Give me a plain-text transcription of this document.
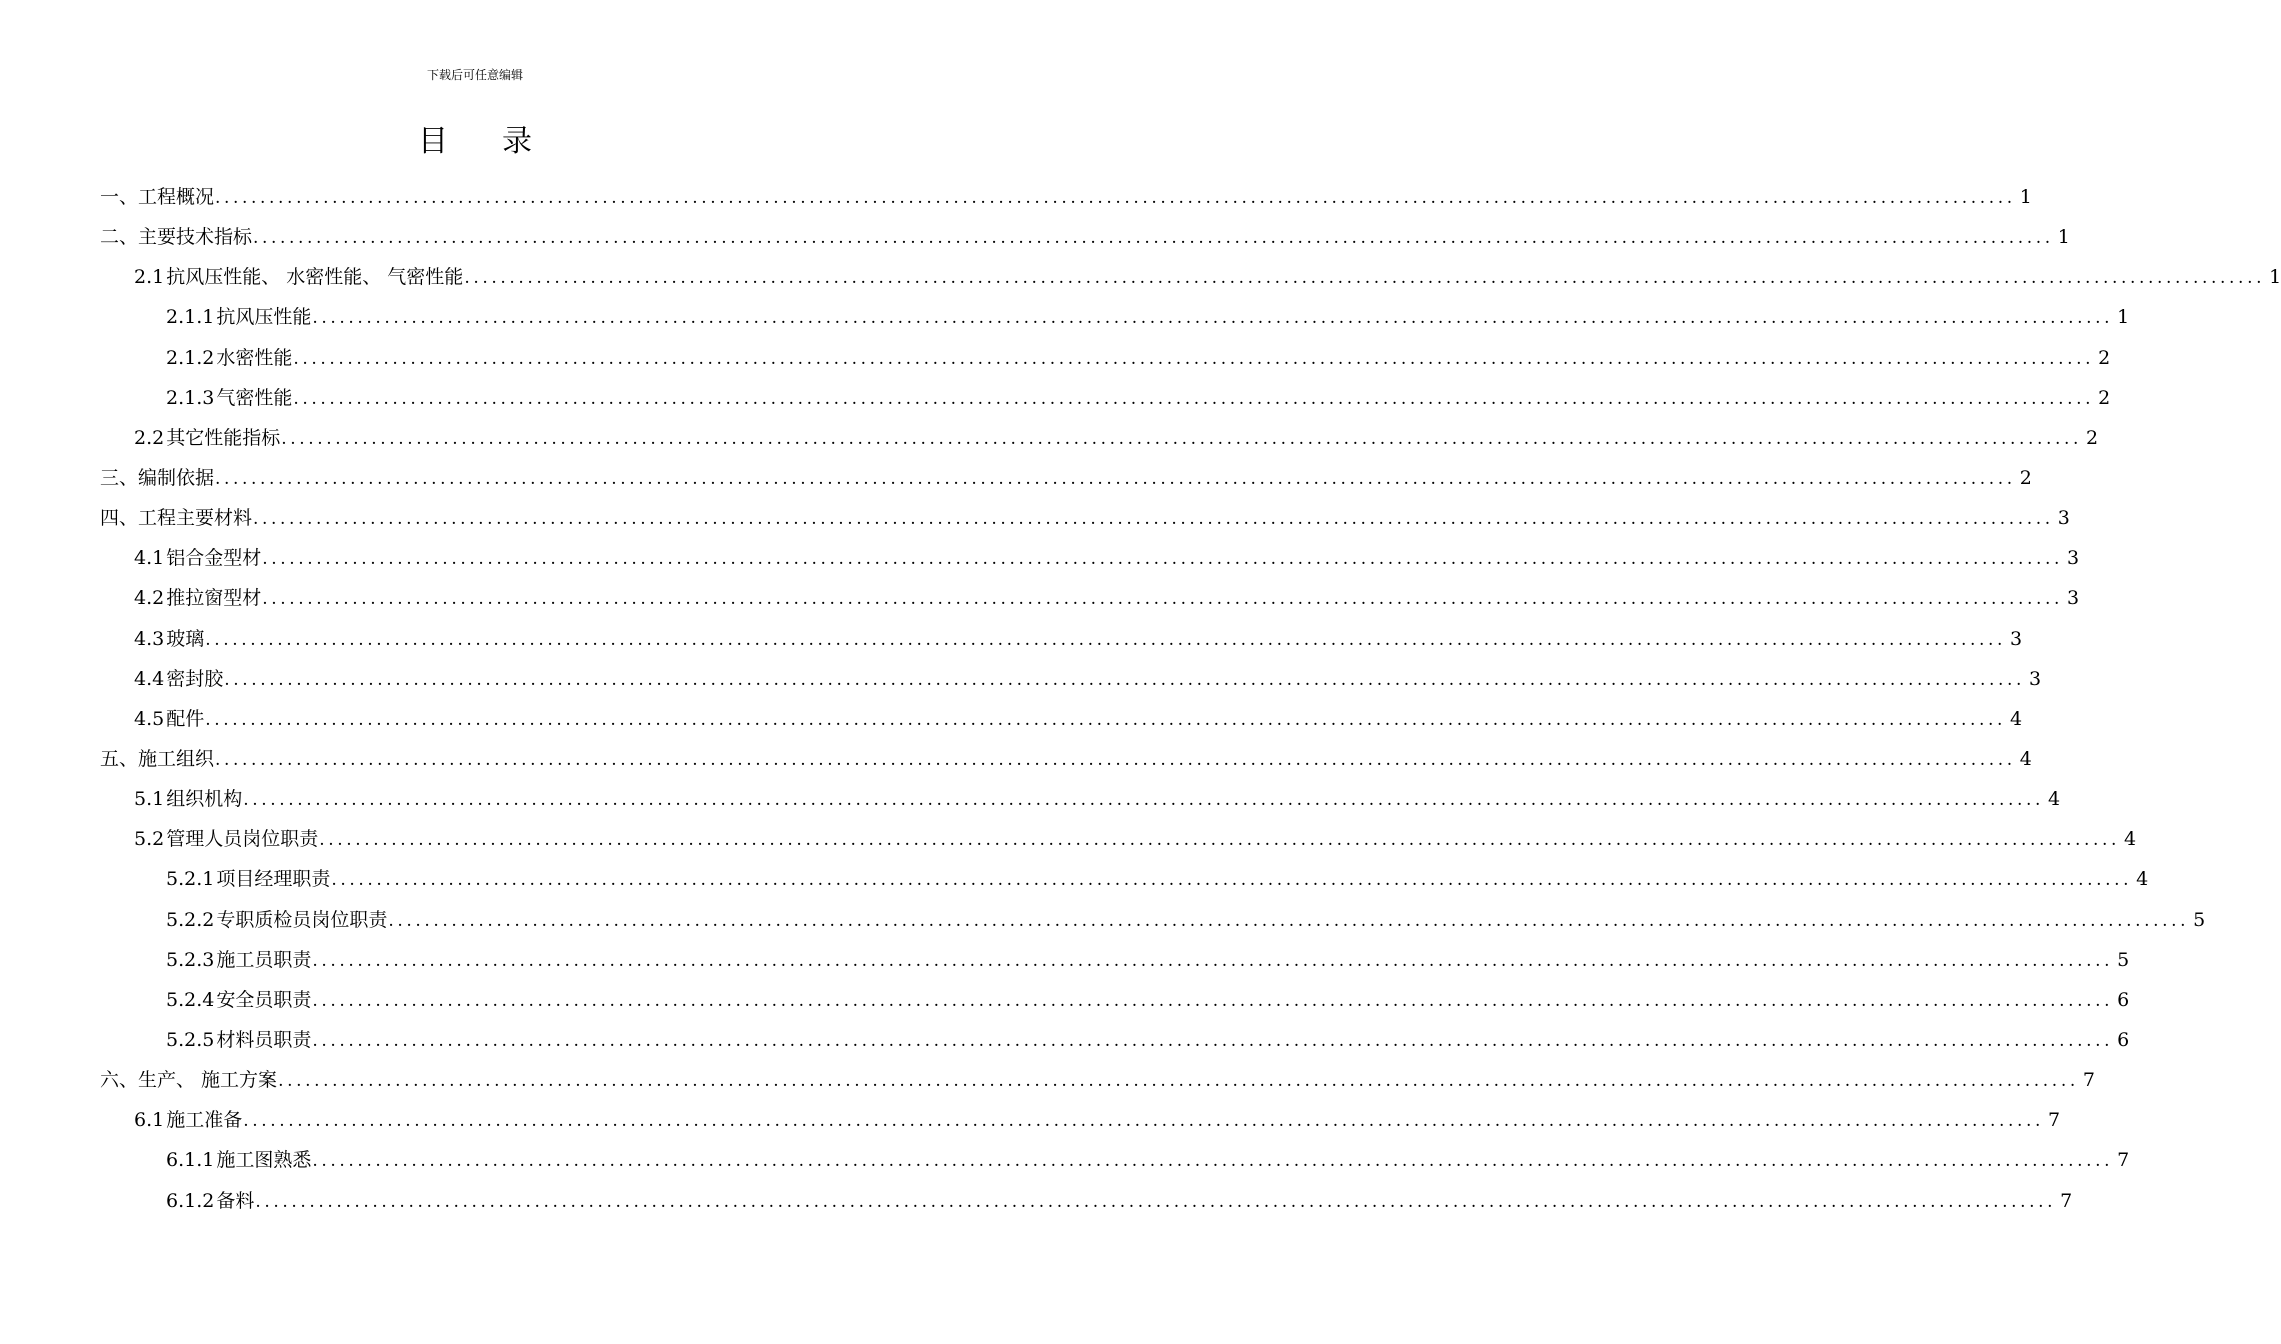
下载后可任意编辑
目 录
一、 工程概况 ........................................................................................................................................................................................................ 1
二、 主要技术指标 ........................................................................................................................................................................................................ 1
2.1 抗风压性能、 水密性能、 气密性能 ........................................................................................................................................................................................................ 1
2.1.1 抗风压性能 ........................................................................................................................................................................................................ 1
2.1.2 水密性能 ........................................................................................................................................................................................................ 2
2.1.3 气密性能 ........................................................................................................................................................................................................ 2
2.2 其它性能指标 ........................................................................................................................................................................................................ 2
三、 编制依据 ........................................................................................................................................................................................................ 2
四、 工程主要材料 ........................................................................................................................................................................................................ 3
4.1 铝合金型材 ........................................................................................................................................................................................................ 3
4.2 推拉窗型材 ........................................................................................................................................................................................................ 3
4.3 玻璃 ........................................................................................................................................................................................................ 3
4.4 密封胶 ........................................................................................................................................................................................................ 3
4.5 配件 ........................................................................................................................................................................................................ 4
五、 施工组织 ........................................................................................................................................................................................................ 4
5.1 组织机构 ........................................................................................................................................................................................................ 4
5.2 管理人员岗位职责 ........................................................................................................................................................................................................ 4
5.2.1 项目经理职责 ........................................................................................................................................................................................................ 4
5.2.2 专职质检员岗位职责 ........................................................................................................................................................................................................ 5
5.2.3 施工员职责 ........................................................................................................................................................................................................ 5
5.2.4 安全员职责 ........................................................................................................................................................................................................ 6
5.2.5 材料员职责 ........................................................................................................................................................................................................ 6
六、 生产、 施工方案 ........................................................................................................................................................................................................ 7
6.1 施工准备 ........................................................................................................................................................................................................ 7
6.1.1 施工图熟悉 ........................................................................................................................................................................................................ 7
6.1.2 备料 ........................................................................................................................................................................................................ 7
